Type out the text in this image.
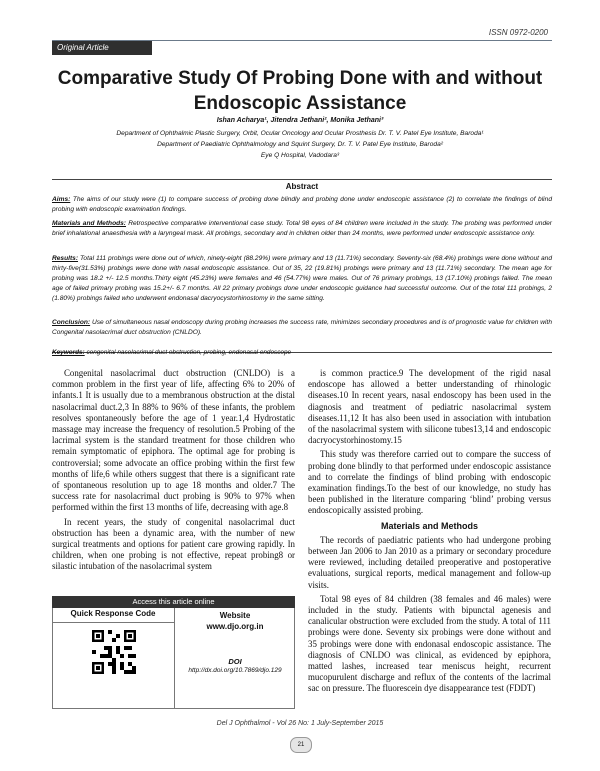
Original Article
ISSN 0972-0200
Comparative Study Of Probing Done with and without Endoscopic Assistance
Ishan Acharya¹, Jitendra Jethani², Monika Jethani³
Department of Ophthalmic Plastic Surgery, Orbit, Ocular Oncology and Ocular Prosthesis Dr. T. V. Patel Eye Institute, Baroda¹
Department of Paediatric Ophthalmology and Squint Surgery, Dr. T. V. Patel Eye Institute, Baroda²
Eye Q Hospital, Vadodara³
Abstract
Aims: The aims of our study were (1) to compare success of probing done blindly and probing done under endoscopic assistance (2) to correlate the findings of blind probing with endoscopic examination findings.
Materials and Methods: Retrospective comparative interventional case study. Total 98 eyes of 84 children were included in the study. The probing was performed under brief inhalational anaesthesia with a laryngeal mask. All probings, secondary and in children older than 24 months, were performed under endoscopic assistance only.
Results: Total 111 probings were done out of which, ninety-eight (88.29%) were primary and 13 (11.71%) secondary. Seventy-six (68.4%) probings were done without and thirty-five(31.53%) probings were done with nasal endoscopic assistance. Out of 35, 22 (19.81%) probings were primary and 13 (11.71%) secondary. The mean age for probing was 18.2 +/- 12.5 months.Thirty eight (45.23%) were females and 46 (54.77%) were males. Out of 76 primary probings, 13 (17.10%) probings failed. The mean age of failed primary probing was 15.2+/- 6.7 months. All 22 primary probings done under endoscopic guidance had successful outcome. Out of the total 111 probings, 2 (1.80%) probings failed who underwent endonasal dacryocystorhinostomy in the same sitting.
Conclusion: Use of simultaneous nasal endoscopy during probing increases the success rate, minimizes secondary procedures and is of prognostic value for children with Congenital nasolacrimal duct obstruction (CNLDO).
Keywords: congenital nasolacrimal duct obstruction, probing, endonasal endoscope

Congenital nasolacrimal duct obstruction (CNLDO) is a common problem in the first year of life, affecting 6% to 20% of infants.1 It is usually due to a membranous obstruction at the distal nasolacrimal duct.2,3 In 88% to 96% of these infants, the problem resolves spontaneously before the age of 1 year.1,4 Hydrostatic massage may increase the frequency of resolution.5 Probing of the lacrimal system is the standard treatment for those children who remain symptomatic of epiphora. The optimal age for probing is controversial; some advocate an office probing within the first few months of life,6 while others suggest that there is a significant rate of spontaneous resolution up to age 18 months and older.7 The success rate for nasolacrimal duct probing is 90% to 97% when performed within the first 13 months of life, decreasing with age.8

In recent years, the study of congenital nasolacrimal duct obstruction has been a dynamic area, with the number of new surgical treatments and options for patient care growing rapidly. In children, when one probing is not effective, repeat probing8 or silastic intubation of the nasolacrimal system

is common practice.9 The development of the rigid nasal endoscope has allowed a better understanding of rhinologic diseases.10 In recent years, nasal endoscopy has been used in the diagnosis and treatment of pediatric nasolacrimal system diseases.11,12 It has also been used in association with intubation of the nasolacrimal system with silicone tubes13,14 and endoscopic dacryocystorhinostomy.15

This study was therefore carried out to compare the success of probing done blindly to that performed under endoscopic assistance and to correlate the findings of blind probing with endoscopic examination findings.To the best of our knowledge, no study has been published in the literature comparing ‘blind’ probing versus endoscopically assisted probing.

Materials and Methods

The records of paediatric patients who had undergone probing between Jan 2006 to Jan 2010 as a primary or secondary procedure were reviewed, including detailed preoperative and postoperative evaluations, surgical reports, medical management and follow-up visits.

Total 98 eyes of 84 children (38 females and 46 males) were included in the study. Patients with bipunctal agenesis and canalicular obstruction were excluded from the study. A total of 111 probings were done. Seventy six probings were done without and 35 probings were done with endonasal endoscopic assistance. The diagnosis of CNLDO was clinical, as evidenced by epiphora, matted lashes, increased tear meniscus height, recurrent mucopurulent discharge and reflux of the contents of the lacrimal sac on pressure. The fluorescein dye disappearance test (FDDT)

Access this article online
Quick Response Code	Website
www.djo.org.in
DOI
http://dx.doi.org/10.7869/djo.129
Del J Ophthalmol - Vol 26 No: 1 July-September 2015
21
